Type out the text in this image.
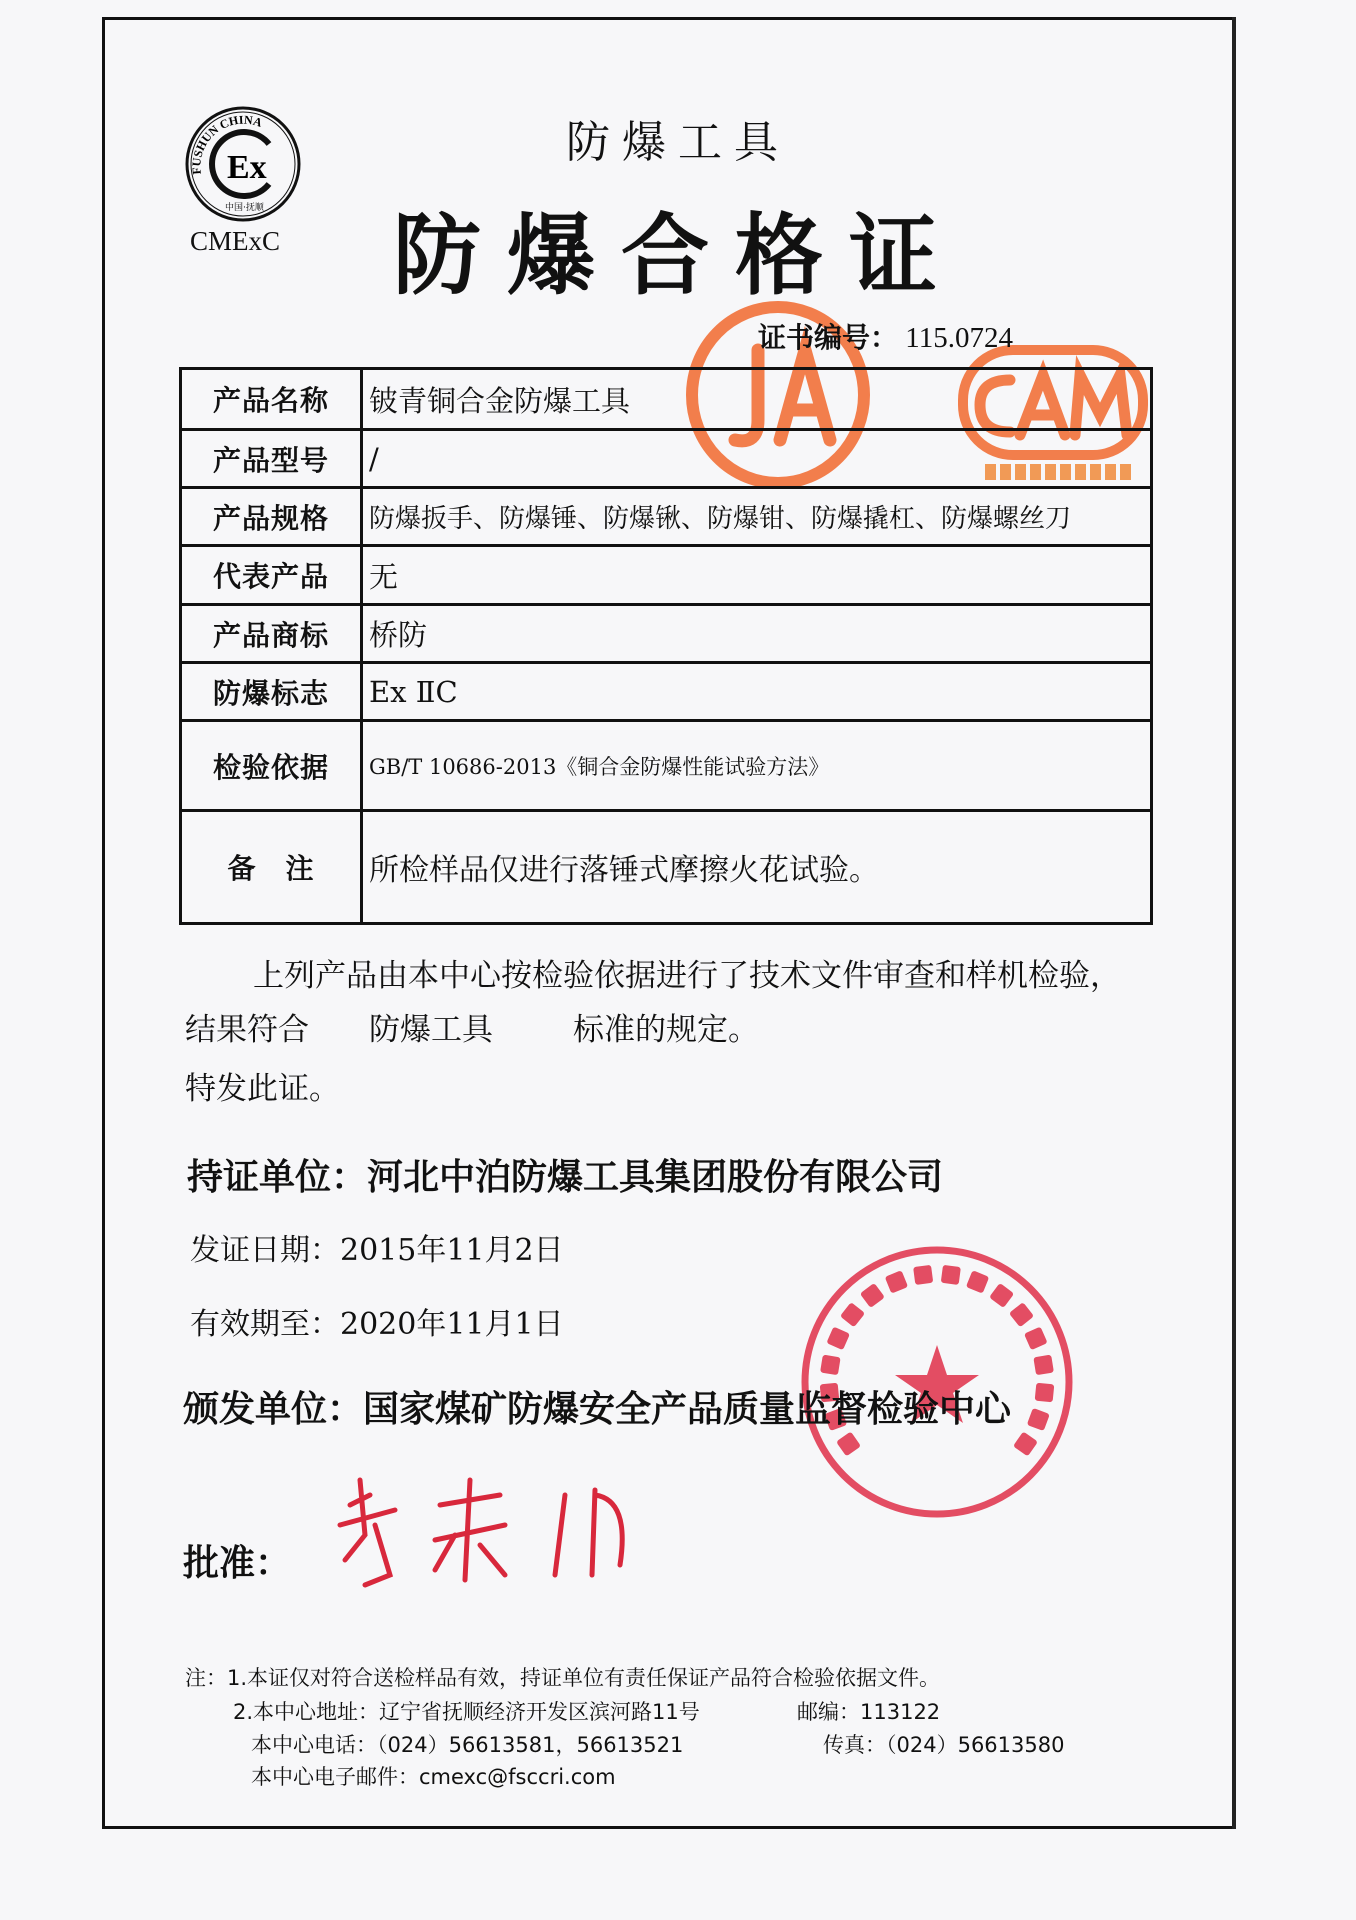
Ex
FUSHUN CHINA
中国·抚顺
CMExC
防爆工具
防爆合格证
证书编号： 115.0724
产品名称	铍青铜合金防爆工具
产品型号	/
产品规格	防爆扳手、防爆锤、防爆锹、防爆钳、防爆撬杠、防爆螺丝刀
代表产品	无
产品商标	桥防
防爆标志	Ex ⅡC
检验依据	GB/T 10686-2013《铜合金防爆性能试验方法》
备　注	所检样品仅进行落锤式摩擦火花试验。
上列产品由本中心按检验依据进行了技术文件审查和样机检验，
结果符合 防爆工具	标准的规定。
特发此证。
持证单位：河北中泊防爆工具集团股份有限公司
发证日期：2015年11月2日
有效期至：2020年11月1日
颁发单位：国家煤矿防爆安全产品质量监督检验中心
批准：
注：1.本证仅对符合送检样品有效，持证单位有责任保证产品符合检验依据文件。
2.本中心地址：辽宁省抚顺经济开发区滨河路11号	邮编：113122
本中心电话：（024）56613581，56613521	传真：（024）56613580
本中心电子邮件：cmexc@fscсri.com
